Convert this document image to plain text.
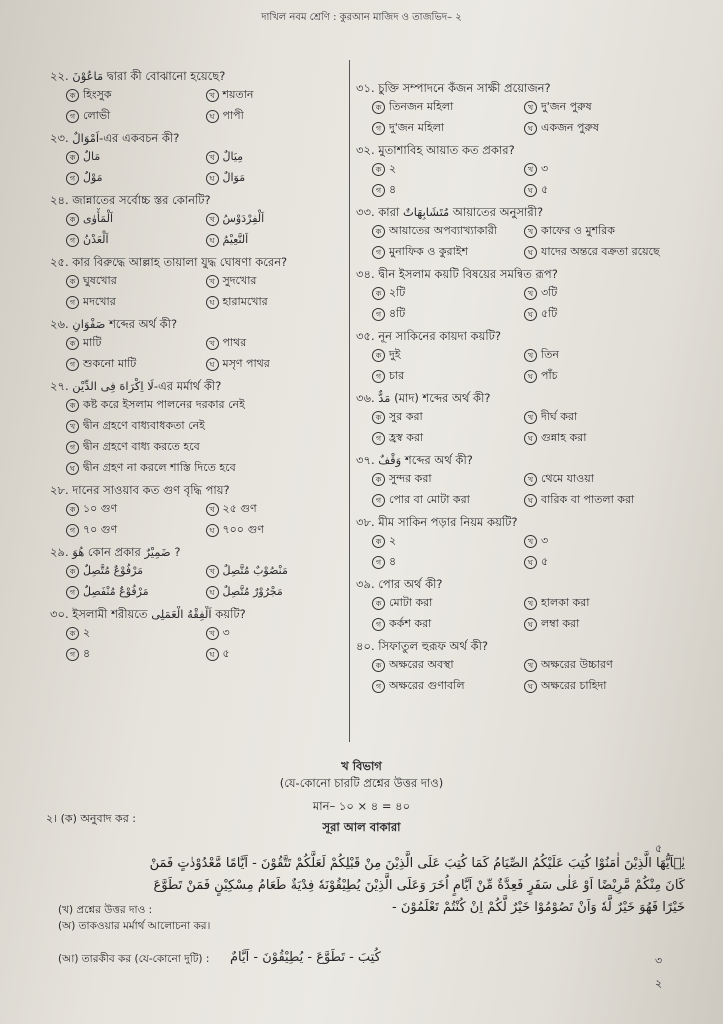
দাখিল নবম শ্রেণি : কুরআন মাজিদ ও তাজভিদ– ২
২২. مَاعُوْنَ দ্বারা কী বোঝানো হয়েছে?
ক হিংসুক	খ শয়তান
গ লোভী	ঘ পাপী
২৩. اَمْوَالٌ-এর একবচন কী?
ক مَالٌ	খ مِيَالٌ
গ مَوْلٌ	ঘ مَوَالٌ
২৪. জান্নাতের সর্বোচ্চ স্তর কোনটি?
ক اَلْمَأْوٰى	খ اَلْفِرْدَوْسُ
গ اَلْعَدْنُ	ঘ اَلنَّعِيْمُ
২৫. কার বিরুদ্ধে আল্লাহ তায়ালা যুদ্ধ ঘোষণা করেন?
ক ঘুষখোর	খ সুদখোর
গ মদখোর	ঘ হারামখোর
২৬. صَفْوَانٍ শব্দের অর্থ কী?
ক মাটি	খ পাথর
গ শুকনো মাটি	ঘ মসৃণ পাথর
২৭. لَا اِكْرَاهَ فِى الدِّيْنِ-এর মর্মার্থ কী?
ক কষ্ট করে ইসলাম পালনের দরকার নেই
খ দ্বীন গ্রহণে বাধ্যবাধকতা নেই
গ দ্বীন গ্রহণে বাধ্য করতে হবে
ঘ দ্বীন গ্রহণ না করলে শাস্তি দিতে হবে
২৮. দানের সাওয়াব কত গুণ বৃদ্ধি পায়?
ক ১০ গুণ	খ ২৫ গুণ
গ ৭০ গুণ	ঘ ৭০০ গুণ
২৯. هُوَ কোন প্রকার ضَمِيْرٌ ?
ক مَرْفُوْعٌ مُتَّصِلٌ	খ مَنْصُوْبٌ مُتَّصِلٌ
গ مَرْفُوْعٌ مُنْفَصِلٌ	ঘ مَجْرُوْرٌ مُتَّصِلٌ
৩০. ইসলামী শরীয়তে اَلْفِقْهُ الْعَمَلِى কয়টি?
ক ২	খ ৩
গ ৪	ঘ ৫
৩১. চুক্তি সম্পাদনে কঁজন সাক্ষী প্রয়োজন?
ক তিনজন মহিলা	খ দু'জন পুরুষ
গ দু'জন মহিলা	ঘ একজন পুরুষ
৩২. মুতাশাবিহ আয়াত কত প্রকার?
ক ২	খ ৩
গ ৪	ঘ ৫
৩৩. কারা مُتَشَابِهَاتٌ আয়াতের অনুসারী?
ক আয়াতের অপব্যাখ্যাকারী	খ কাফের ও মুশরিক
গ মুনাফিক ও কুরাইশ	ঘ যাদের অন্তরে বক্রতা রয়েছে
৩৪. দ্বীন ইসলাম কয়টি বিষয়ের সমন্বিত রূপ?
ক ২টি	খ ৩টি
গ ৪টি	ঘ ৫টি
৩৫. নূন সাকিনের কায়দা কয়টি?
ক দুই	খ তিন
গ চার	ঘ পাঁচ
৩৬. مَدٌّ (মাদ) শব্দের অর্থ কী?
ক সুর করা	খ দীর্ঘ করা
গ হ্রস্ব করা	ঘ গুন্নাহ করা
৩৭. وَقْفٌ শব্দের অর্থ কী?
ক সুন্দর করা	খ থেমে যাওয়া
গ পোর বা মোটা করা	ঘ বারিক বা পাতলা করা
৩৮. মীম সাকিন পড়ার নিয়ম কয়টি?
ক ২	খ ৩
গ ৪	ঘ ৫
৩৯. পোর অর্থ কী?
ক মোটা করা	খ হালকা করা
গ কর্কশ করা	ঘ লম্বা করা
৪০. সিফাতুল হুরূফ অর্থ কী?
ক অক্ষরের অবস্থা	খ অক্ষরের উচ্চারণ
গ অক্ষরের গুণাবলি	ঘ অক্ষরের চাহিদা
খ বিভাগ
(যে-কোনো চারটি প্রশ্নের উত্তর দাও)
মান– ১০ × ৪ = ৪০
সূরা আল বাকারা
২। (ক) অনুবাদ কর :
৫
يٰۤاَيُّهَا الَّذِيْنَ اٰمَنُوْا كُتِبَ عَلَيْكُمُ الصِّيَامُ كَمَا كُتِبَ عَلَى الَّذِيْنَ مِنْ قَبْلِكُمْ لَعَلَّكُمْ تَتَّقُوْنَ - اَيَّامًا مَّعْدُوْدٰتٍ فَمَنْ
كَانَ مِنْكُمْ مَّرِيْضًا اَوْ عَلٰى سَفَرٍ فَعِدَّةٌ مِّنْ اَيَّامٍ اُخَرَ وَعَلَى الَّذِيْنَ يُطِيْقُوْنَهٗ فِدْيَةٌ طَعَامُ مِسْكِيْنٍ فَمَنْ تَطَوَّعَ
خَيْرًا فَهُوَ خَيْرٌ لَّهٗ وَاَنْ تَصُوْمُوْا خَيْرٌ لَّكُمْ اِنْ كُنْتُمْ تَعْلَمُوْنَ -
(খ) প্রশ্নের উত্তর দাও :
(অ) তাকওয়ার মর্মার্থ আলোচনা কর।
(আ) তারকীব কর (যে-কোনো দুটি) : كُتِبَ - تَطَوَّعَ - يُطِيْقُوْنَ - اَيَّامٌ	৩
২
